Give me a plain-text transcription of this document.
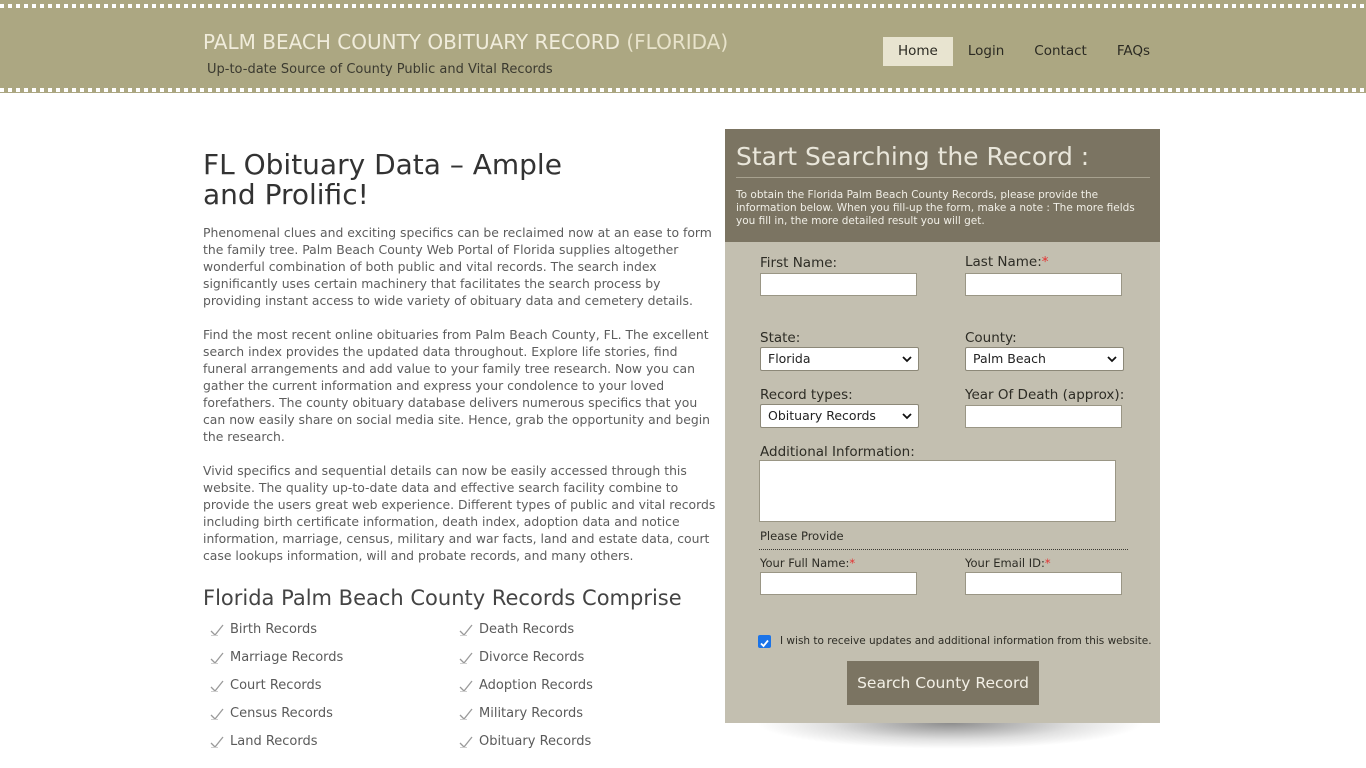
PALM BEACH COUNTY OBITUARY RECORD (FLORIDA)
Up-to-date Source of County Public and Vital Records
Home	Login	Contact	FAQs
FL Obituary Data – Ample and Prolific!

Phenomenal clues and exciting specifics can be reclaimed now at an ease to form the family tree. Palm Beach County Web Portal of Florida supplies altogether wonderful combination of both public and vital records. The search index significantly uses certain machinery that facilitates the search process by providing instant access to wide variety of obituary data and cemetery details.

Find the most recent online obituaries from Palm Beach County, FL. The excellent search index provides the updated data throughout. Explore life stories, find funeral arrangements and add value to your family tree research. Now you can gather the current information and express your condolence to your loved forefathers. The county obituary database delivers numerous specifics that you can now easily share on social media site. Hence, grab the opportunity and begin the research.

Vivid specifics and sequential details can now be easily accessed through this website. The quality up-to-date data and effective search facility combine to provide the users great web experience. Different types of public and vital records including birth certificate information, death index, adoption data and notice information, marriage, census, military and war facts, land and estate data, court case lookups information, will and probate records, and many others.

Florida Palm Beach County Records Comprise
Birth Records	Death Records
Marriage Records	Divorce Records
Court Records	Adoption Records
Census Records	Military Records
Land Records	Obituary Records
Start Searching the Record :
To obtain the Florida Palm Beach County Records, please provide the information below. When you fill-up the form, make a note : The more fields you fill in, the more detailed result you will get.
First Name:	Last Name:*
State:	County:
Florida	Palm Beach
Record types:	Year Of Death (approx):
Obituary Records
Additional Information:
Please Provide
Your Full Name:*	Your Email ID:*
I wish to receive updates and additional information from this website.
Search County Record
